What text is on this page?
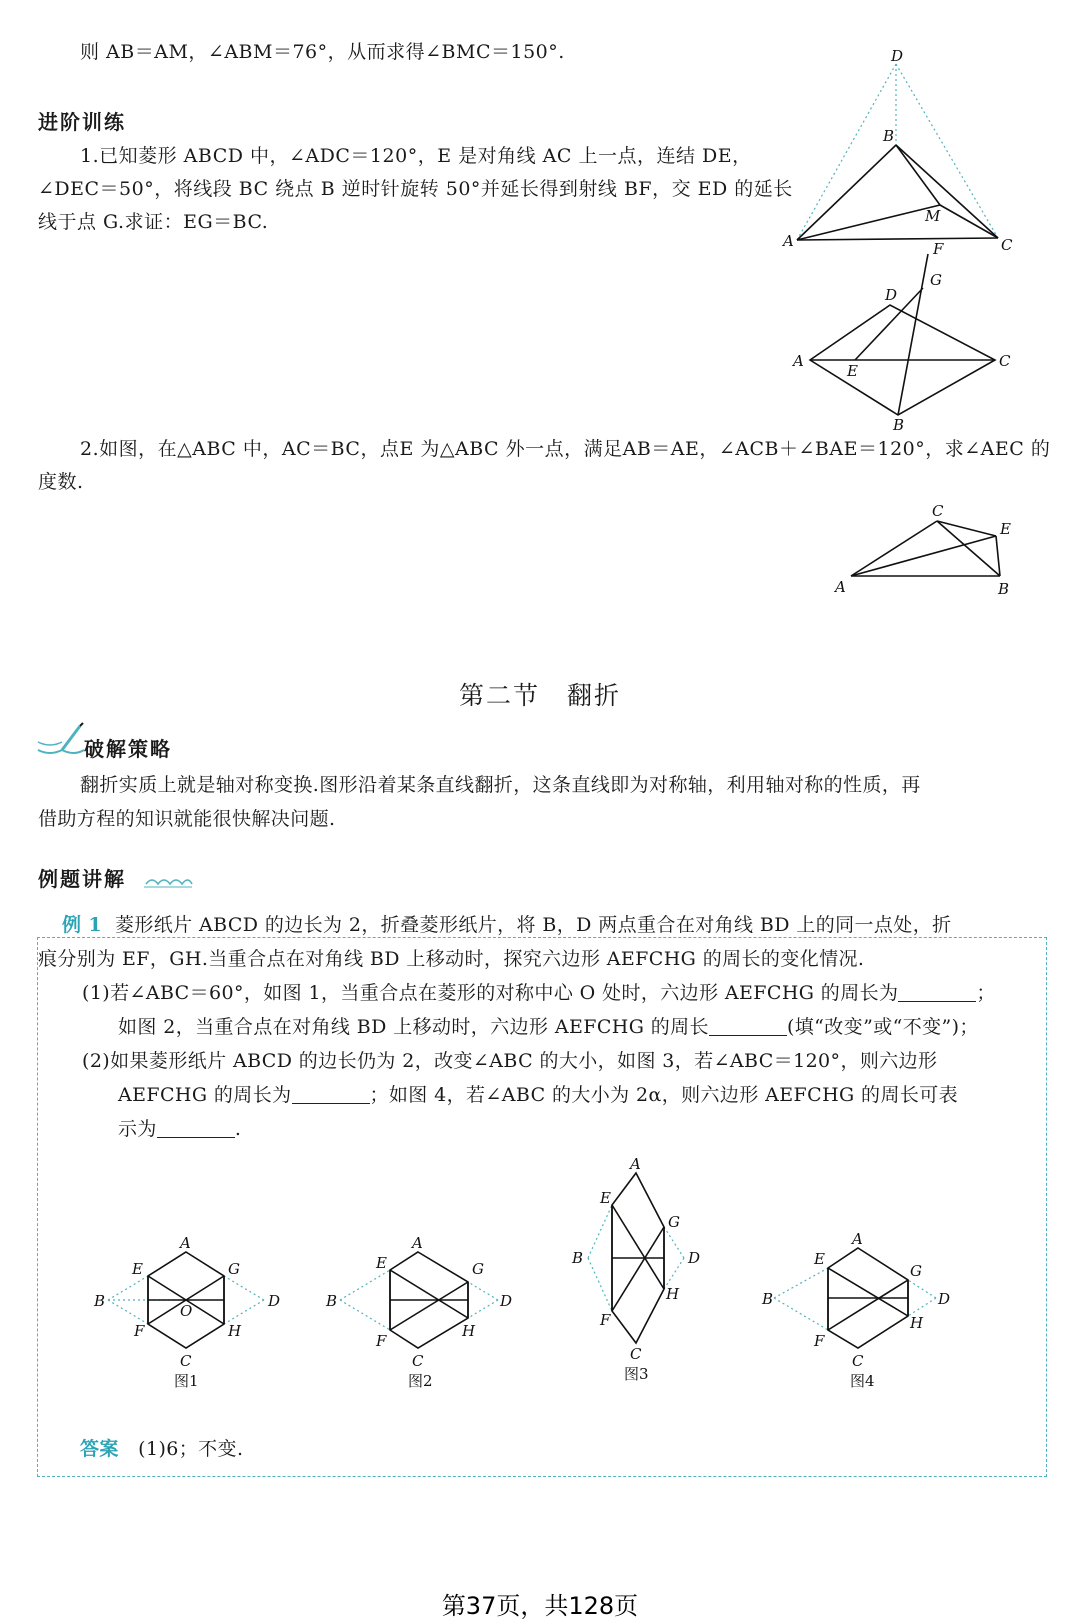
则 AB＝AM，∠ABM＝76°，从而求得∠BMC＝150°.
进阶训练
1.已知菱形 ABCD 中，∠ADC＝120°，E 是对角线 AC 上一点，连结 DE，
∠DEC＝50°，将线段 BC 绕点 B 逆时针旋转 50°并延长得到射线 BF，交 ED 的延长
线于点 G.求证：EG＝BC.
D
B
M
A	C
F
G
D
A
E
C
B
2.如图，在△ABC 中，AC＝BC，点E 为△ABC 外一点，满足AB＝AE，∠ACB＋∠BAE＝120°，求∠AEC 的
度数.
C
E
A	B
第二节　翻折
破解策略
翻折实质上就是轴对称变换.图形沿着某条直线翻折，这条直线即为对称轴，利用轴对称的性质，再
借助方程的知识就能很快解决问题.
例题讲解
例 1 菱形纸片 ABCD 的边长为 2，折叠菱形纸片，将 B，D 两点重合在对角线 BD 上的同一点处，折
痕分别为 EF，GH.当重合点在对角线 BD 上移动时，探究六边形 AEFCHG 的周长的变化情况.
(1)若∠ABC＝60°，如图 1，当重合点在菱形的对称中心 O 处时，六边形 AEFCHG 的周长为	；
如图 2，当重合点在对角线 BD 上移动时，六边形 AEFCHG 的周长	(填“改变”或“不变”)；
(2)如果菱形纸片 ABCD 的边长仍为 2，改变∠ABC 的大小，如图 3，若∠ABC＝120°，则六边形
AEFCHG 的周长为	；如图 4，若∠ABC 的大小为 2α，则六边形 AEFCHG 的周长可表
示为	.
A
E	G
B	D
O
F	H
C
图1
A
E	G
B	D
F
H
C
图2
A
E
G
B	D
F
H
C
图3
A
E
G
B	D
F
H
C
图4
答案 (1)6；不变.
第37页，共128页
